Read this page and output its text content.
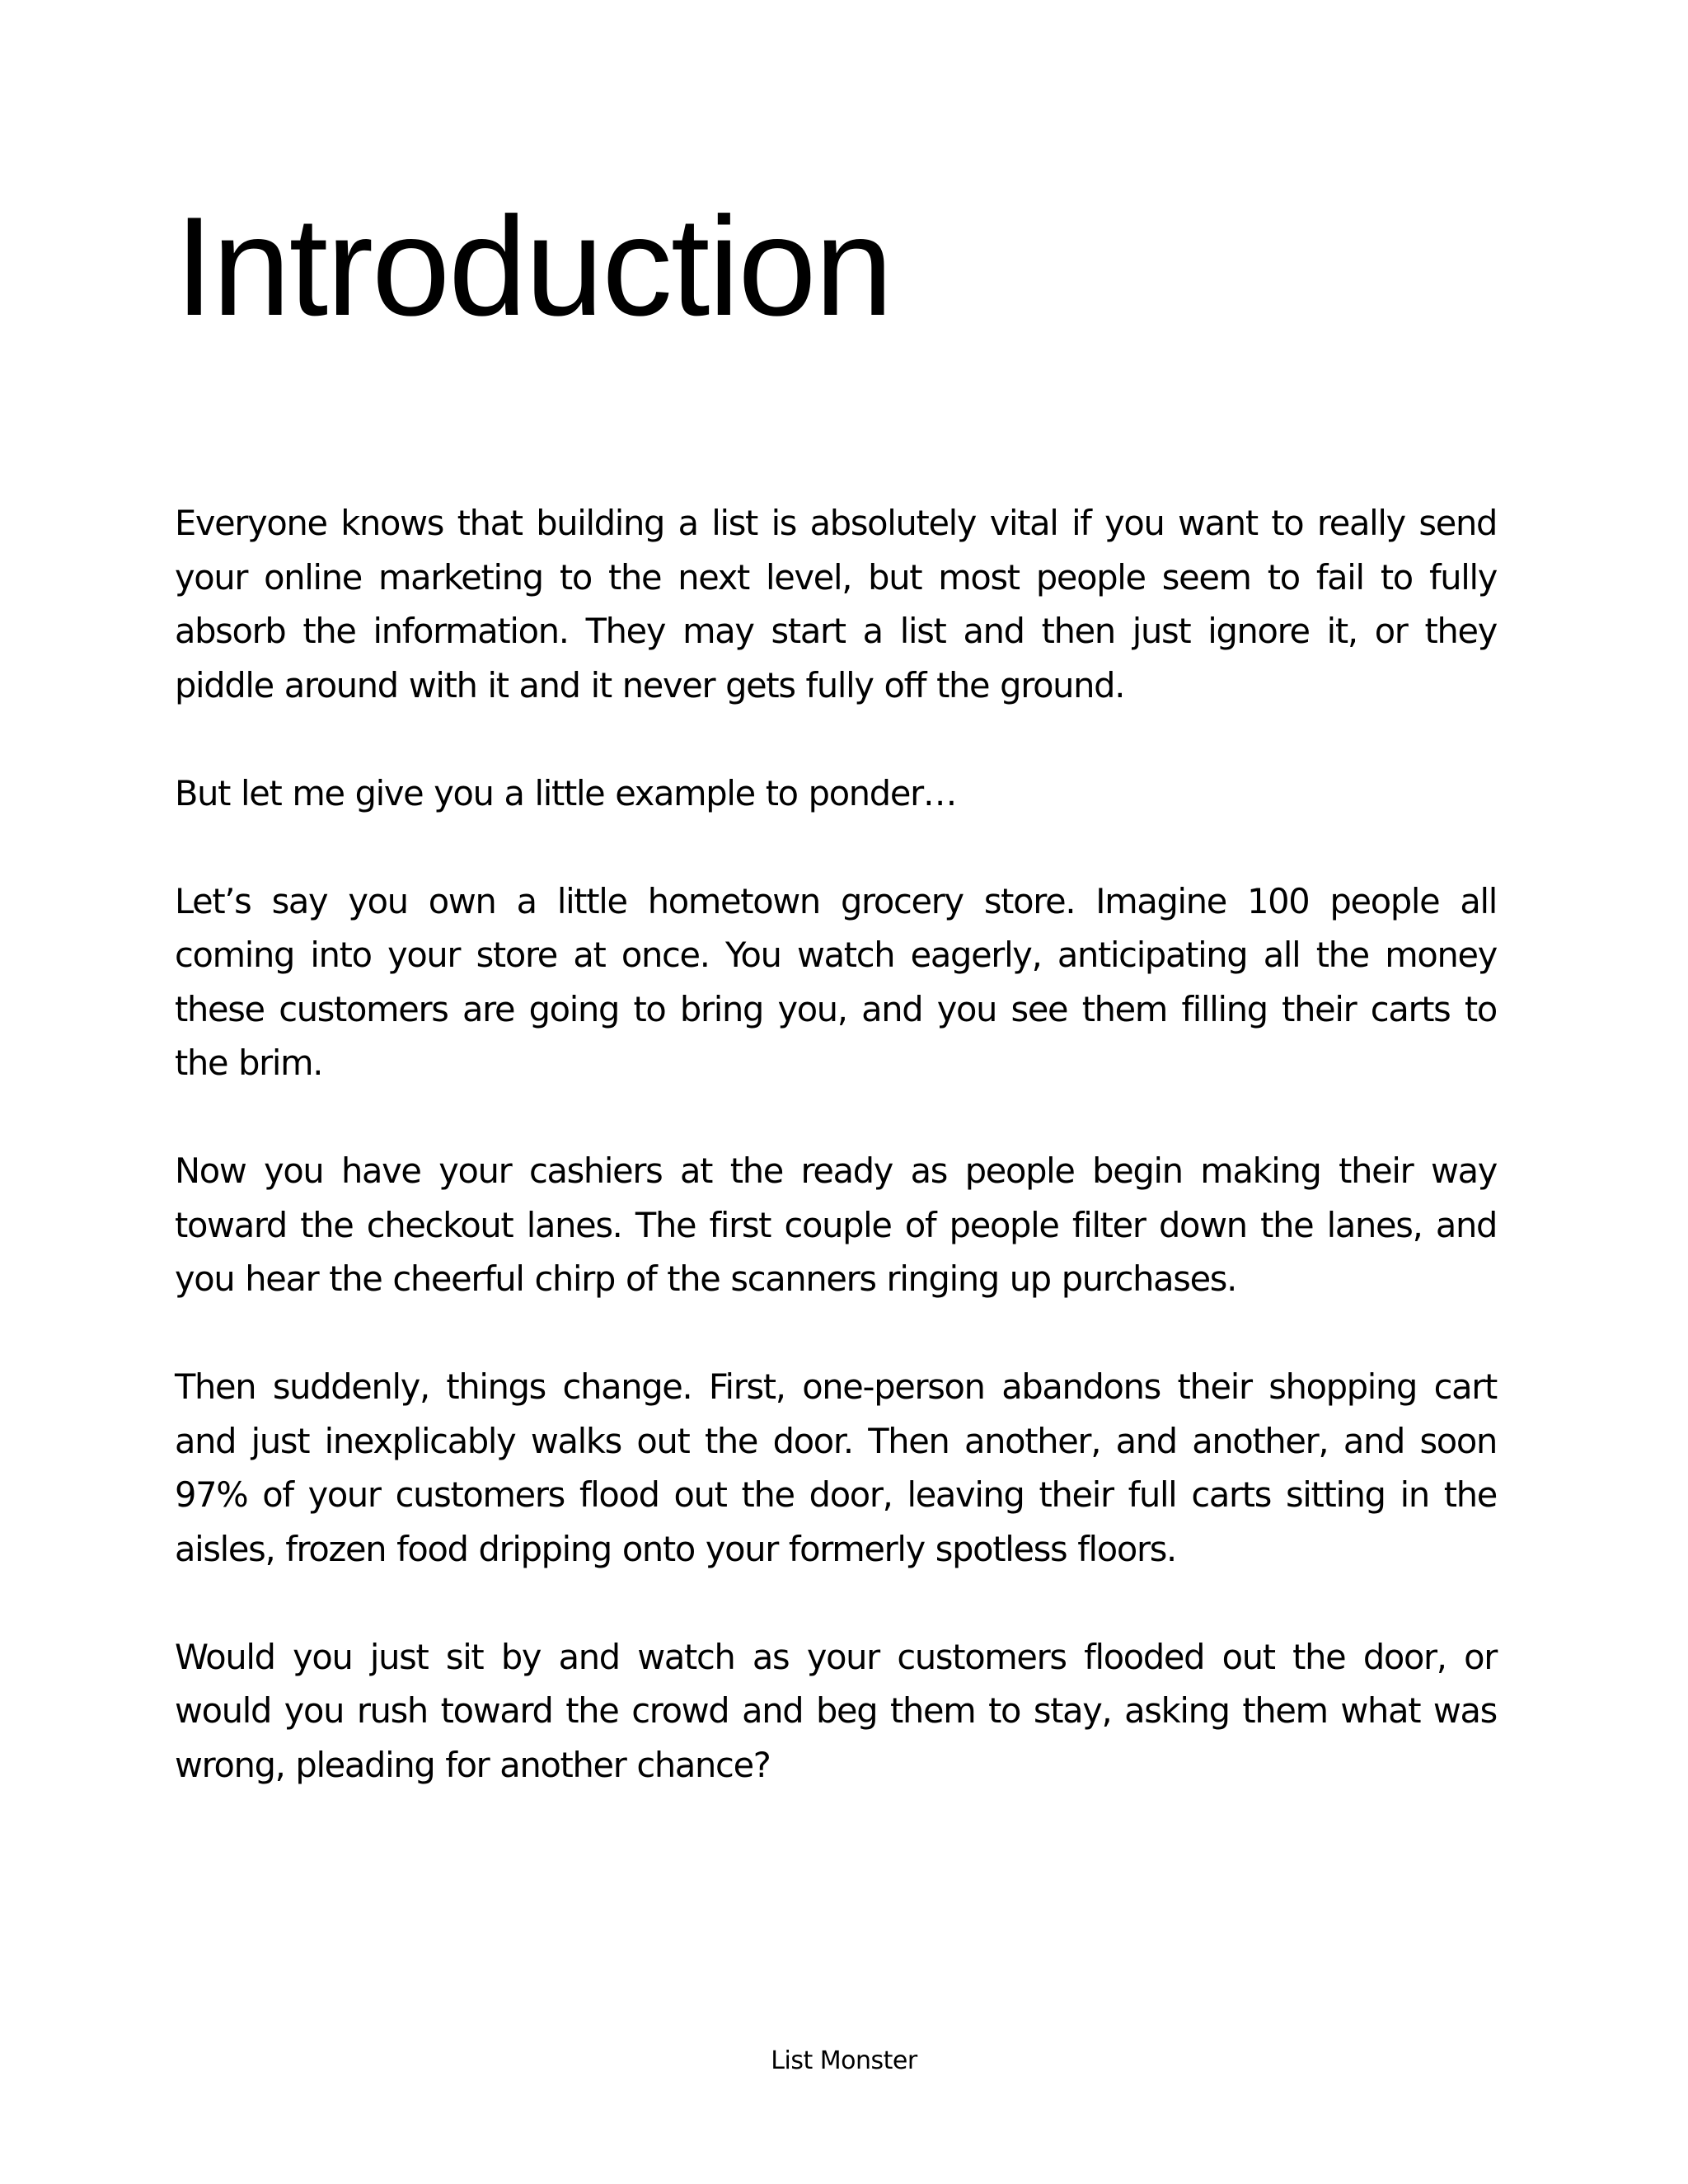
Introduction

Everyone knows that building a list is absolutely vital if you want to really send your online marketing to the next level, but most people seem to fail to fully absorb the information. They may start a list and then just ignore it, or they piddle around with it and it never gets fully off the ground.

But let me give you a little example to ponder…

Let’s say you own a little hometown grocery store. Imagine 100 people all coming into your store at once. You watch eagerly, anticipating all the money these customers are going to bring you, and you see them filling their carts to the brim.

Now you have your cashiers at the ready as people begin making their way toward the checkout lanes. The first couple of people filter down the lanes, and you hear the cheerful chirp of the scanners ringing up purchases.

Then suddenly, things change. First, one-person abandons their shopping cart and just inexplicably walks out the door. Then another, and another, and soon 97% of your customers flood out the door, leaving their full carts sitting in the aisles, frozen food dripping onto your formerly spotless floors.

Would you just sit by and watch as your customers flooded out the door, or would you rush toward the crowd and beg them to stay, asking them what was wrong, pleading for another chance?

List Monster
